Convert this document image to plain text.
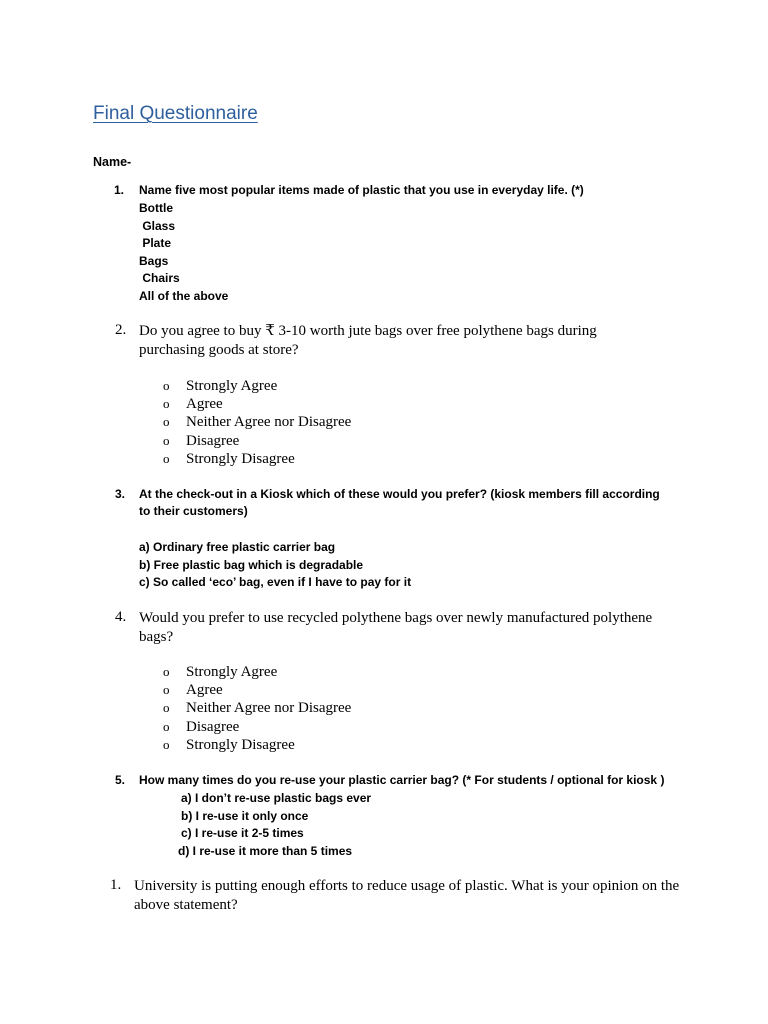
Final Questionnaire
Name-
1. Name five most popular items made of plastic that you use in everyday life. (*)
Bottle
Glass
Plate
Bags
Chairs
All of the above
2. Do you agree to buy ₹ 3-10 worth jute bags over free polythene bags during purchasing goods at store?
o Strongly Agree
o Agree
o Neither Agree nor Disagree
o Disagree
o Strongly Disagree
3. At the check-out in a Kiosk which of these would you prefer? (kiosk members fill according
to their customers)
a) Ordinary free plastic carrier bag
b) Free plastic bag which is degradable
c) So called ‘eco’ bag, even if I have to pay for it
4. Would you prefer to use recycled polythene bags over newly manufactured polythene bags?
o Strongly Agree
o Agree
o Neither Agree nor Disagree
o Disagree
o Strongly Disagree
5. How many times do you re-use your plastic carrier bag? (* For students / optional for kiosk )
a) I don’t re-use plastic bags ever
b) I re-use it only once
c) I re-use it 2-5 times
d) I re-use it more than 5 times
1. University is putting enough efforts to reduce usage of plastic. What is your opinion on the above statement?
